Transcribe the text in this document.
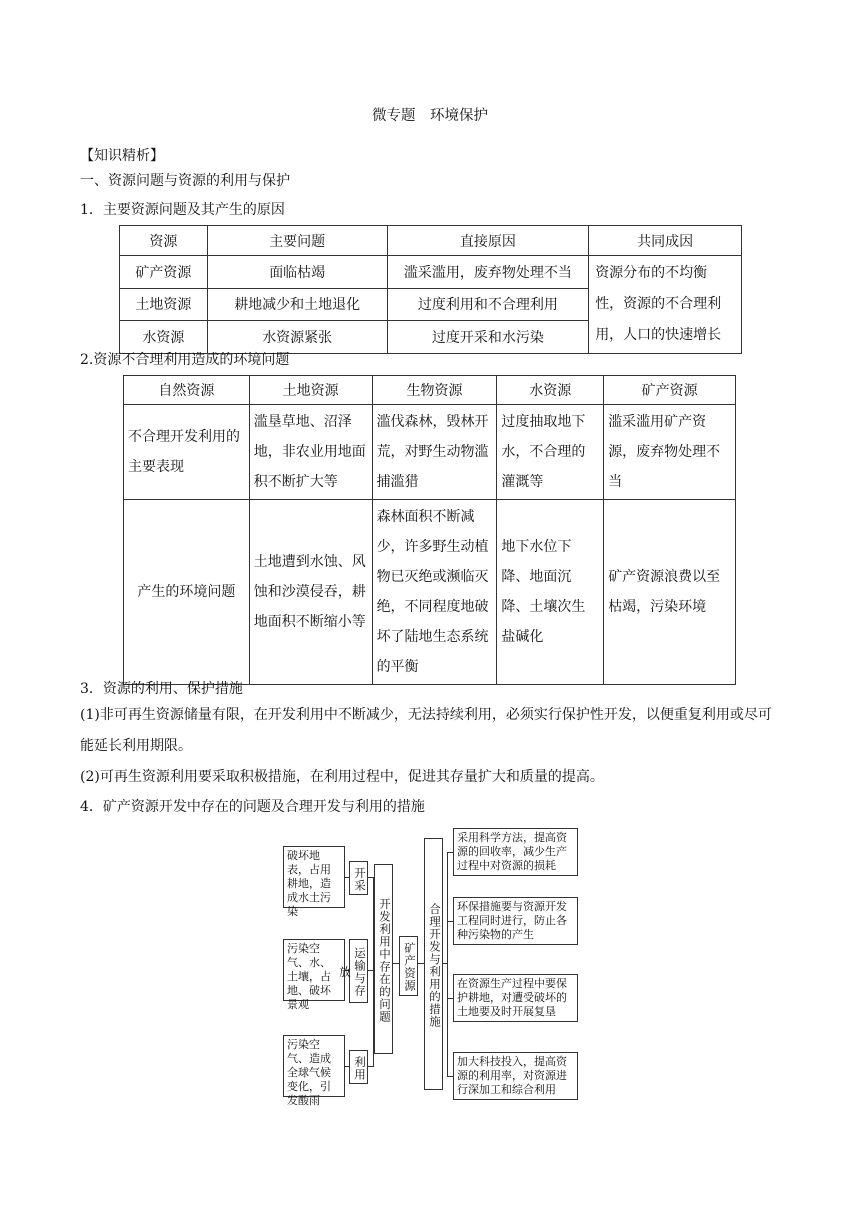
微专题　环境保护
【知识精析】
一、资源问题与资源的利用与保护
1．主要资源问题及其产生的原因
资源	主要问题	直接原因	共同成因
矿产资源	面临枯竭	滥采滥用，废弃物处理不当	资源分布的不均衡性，资源的不合理利用，人口的快速增长
土地资源	耕地减少和土地退化	过度利用和不合理利用	
水资源	水资源紧张	过度开采和水污染	
2.资源不合理利用造成的环境问题
自然资源	土地资源	生物资源	水资源	矿产资源
不合理开发利用的主要表现	滥垦草地、沼泽地，非农业用地面积不断扩大等	滥伐森林，毁林开荒，对野生动物滥捕滥猎	过度抽取地下水，不合理的灌溉等	滥采滥用矿产资源，废弃物处理不当
产生的环境问题	土地遭到水蚀、风蚀和沙漠侵吞，耕地面积不断缩小等	森林面积不断减少，许多野生动植物已灭绝或濒临灭绝，不同程度地破坏了陆地生态系统的平衡	地下水位下降、地面沉降、土壤次生盐碱化	矿产资源浪费以至枯竭，污染环境
3．资源的利用、保护措施
(1)非可再生资源储量有限，在开发利用中不断减少，无法持续利用，必须实行保护性开发，以便重复利用或尽可能延长利用期限。
(2)可再生资源利用要采取积极措施，在利用过程中，促进其存量扩大和质量的提高。
4．矿产资源开发中存在的问题及合理开发与利用的措施
破坏地表，占用耕地，造成水土污染
污染空气、水、土壤，占地、破坏景观
污染空气、造成全球气候变化，引发酸雨
开采
运输与存放
利用
开发利用中存在的问题 矿产资源 合理开发与利用的措施
采用科学方法，提高资源的回收率，减少生产过程中对资源的损耗
环保措施要与资源开发工程同时进行，防止各种污染物的产生
在资源生产过程中要保护耕地，对遭受破坏的土地要及时开展复垦
加大科技投入，提高资源的利用率，对资源进行深加工和综合利用
